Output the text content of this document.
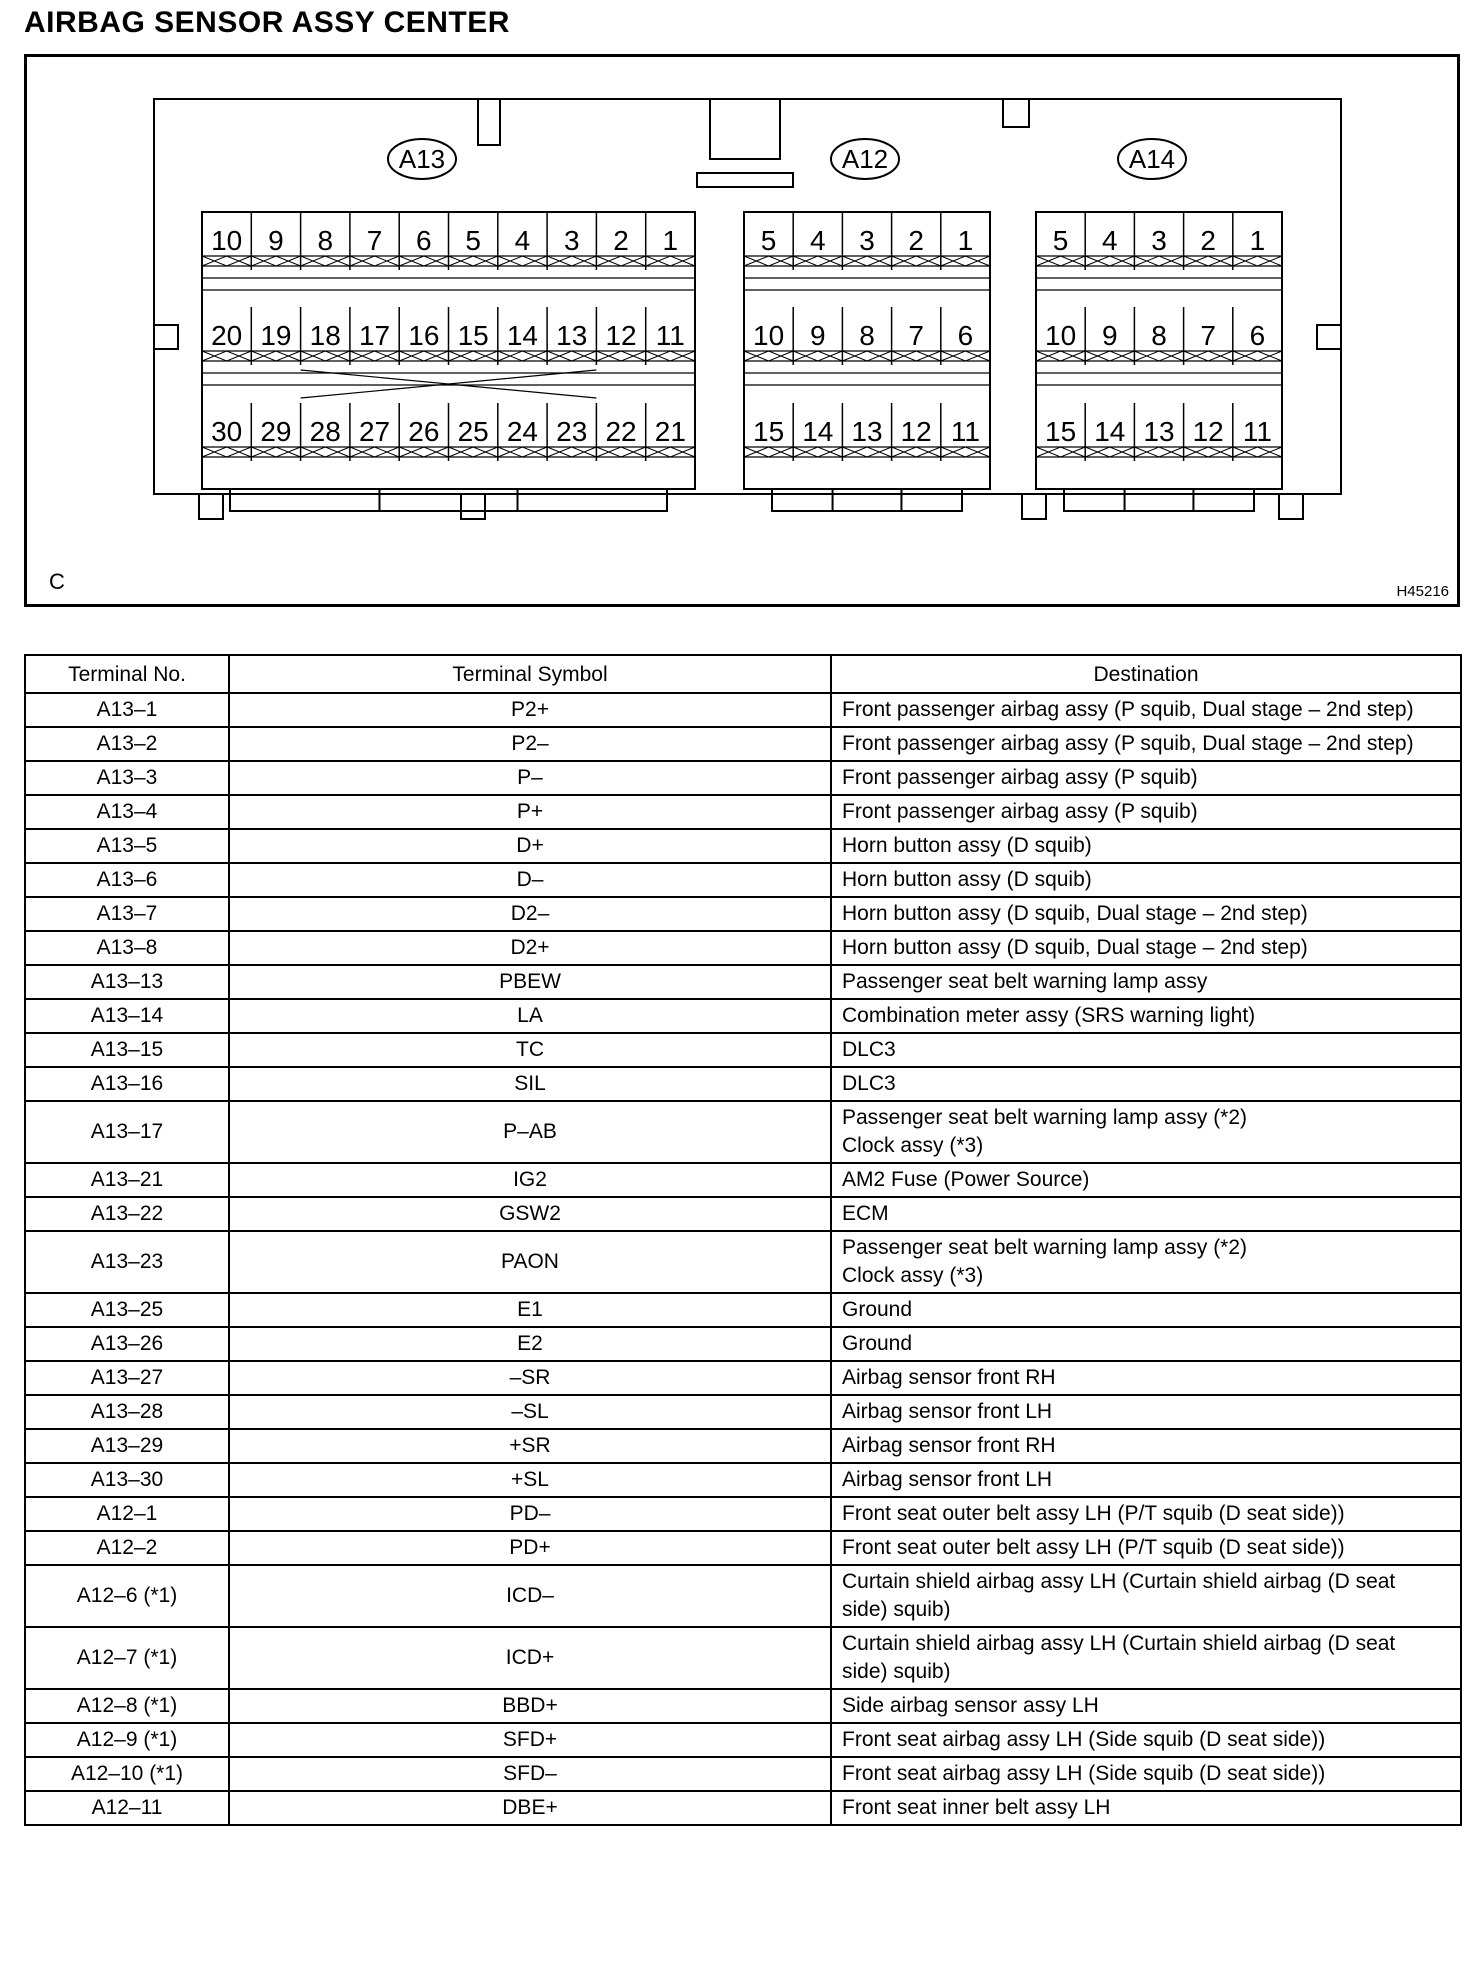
AIRBAG SENSOR ASSY CENTER
A13
10 9 8 7 6 5 4 3 2 1
20 19 18 17 16 15 14 13 12 11
30 29 28 27 26 25 24 23 22 21
A12
5 4 3 2 1
10 9 8 7 6
15 14 13 12 11
A14
5 4 3 2 1
10 9 8 7 6
15 14 13 12 11
C	H45216
Terminal No.	Terminal Symbol	Destination
A13–1	P2+	Front passenger airbag assy (P squib, Dual stage – 2nd step)

A13–2	P2–	Front passenger airbag assy (P squib, Dual stage – 2nd step)

A13–3	P–	Front passenger airbag assy (P squib)

A13–4	P+	Front passenger airbag assy (P squib)

A13–5	D+	Horn button assy (D squib)

A13–6	D–	Horn button assy (D squib)

A13–7	D2–	Horn button assy (D squib, Dual stage – 2nd step)

A13–8	D2+	Horn button assy (D squib, Dual stage – 2nd step)

A13–13	PBEW	Passenger seat belt warning lamp assy

A13–14	LA	Combination meter assy (SRS warning light)

A13–15	TC	DLC3

A13–16	SIL	DLC3

A13–17	P–AB	Passenger seat belt warning lamp assy (*2)
Clock assy (*3)

A13–21	IG2	AM2 Fuse (Power Source)

A13–22	GSW2	ECM

A13–23	PAON	Passenger seat belt warning lamp assy (*2)
Clock assy (*3)

A13–25	E1	Ground

A13–26	E2	Ground

A13–27	–SR	Airbag sensor front RH

A13–28	–SL	Airbag sensor front LH

A13–29	+SR	Airbag sensor front RH

A13–30	+SL	Airbag sensor front LH

A12–1	PD–	Front seat outer belt assy LH (P/T squib (D seat side))

A12–2	PD+	Front seat outer belt assy LH (P/T squib (D seat side))

A12–6 (*1)	ICD–	Curtain shield airbag assy LH (Curtain shield airbag (D seat
side) squib)

A12–7 (*1)	ICD+	Curtain shield airbag assy LH (Curtain shield airbag (D seat
side) squib)

A12–8 (*1)	BBD+	Side airbag sensor assy LH

A12–9 (*1)	SFD+	Front seat airbag assy LH (Side squib (D seat side))

A12–10 (*1)	SFD–	Front seat airbag assy LH (Side squib (D seat side))

A12–11	DBE+	Front seat inner belt assy LH
